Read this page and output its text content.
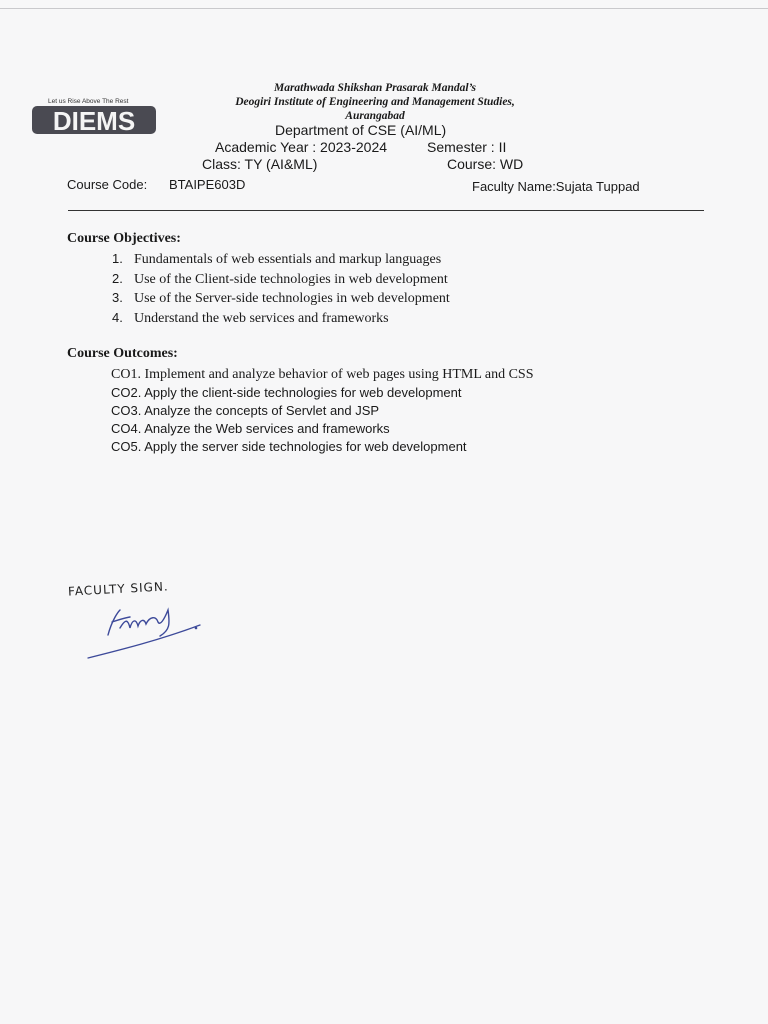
DIEMS
Let us Rise Above The Rest
Marathwada Shikshan Prasarak Mandal’s
Deogiri Institute of Engineering and Management Studies,
Aurangabad
Department of CSE (AI/ML)
Academic Year : 2023-2024	Semester : II
Class: TY (AI&ML)	Course: WD
Course Code: BTAIPE603D	Faculty Name:Sujata Tuppad
Course Objectives:
1. Fundamentals of web essentials and markup languages
2. Use of the Client-side technologies in web development
3. Use of the Server-side technologies in web development
4. Understand the web services and frameworks
Course Outcomes:
CO1. Implement and analyze behavior of web pages using HTML and CSS
CO2. Apply the client-side technologies for web development
CO3. Analyze the concepts of Servlet and JSP
CO4. Analyze the Web services and frameworks
CO5. Apply the server side technologies for web development
FACULTY SIGN.
